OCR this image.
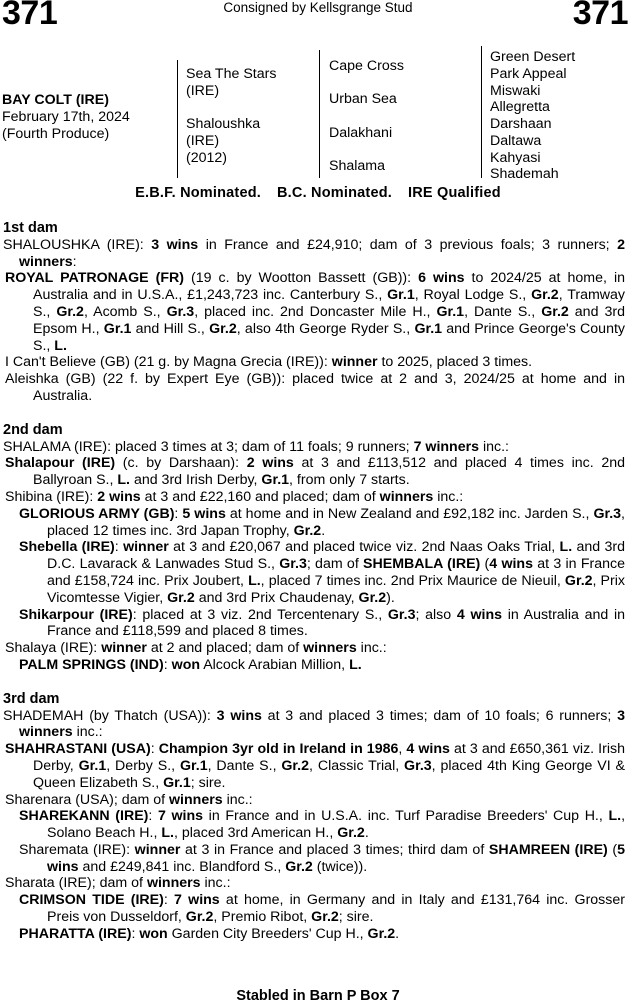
371	Consigned by Kellsgrange Stud	371
BAY COLT (IRE)
February 17th, 2024
(Fourth Produce)
Sea The Stars
(IRE)
Shaloushka
(IRE)
(2012)
Cape Cross
Urban Sea
Dalakhani
Shalama
Green Desert
Park Appeal
Miswaki
Allegretta
Darshaan
Daltawa
Kahyasi
Shademah
E.B.F. Nominated. B.C. Nominated. IRE Qualified
1st dam

SHALOUSHKA (IRE): 3 wins in France and £24,910; dam of 3 previous foals; 3 runners; 2 winners:

ROYAL PATRONAGE (FR) (19 c. by Wootton Bassett (GB)): 6 wins to 2024/25 at home, in Australia and in U.S.A., £1,243,723 inc. Canterbury S., Gr.1, Royal Lodge S., Gr.2, Tramway S., Gr.2, Acomb S., Gr.3, placed inc. 2nd Doncaster Mile H., Gr.1, Dante S., Gr.2 and 3rd Epsom H., Gr.1 and Hill S., Gr.2, also 4th George Ryder S., Gr.1 and Prince George's County S., L.

I Can't Believe (GB) (21 g. by Magna Grecia (IRE)): winner to 2025, placed 3 times.

Aleishka (GB) (22 f. by Expert Eye (GB)): placed twice at 2 and 3, 2024/25 at home and in Australia.

2nd dam

SHALAMA (IRE): placed 3 times at 3; dam of 11 foals; 9 runners; 7 winners inc.:

Shalapour (IRE) (c. by Darshaan): 2 wins at 3 and £113,512 and placed 4 times inc. 2nd Ballyroan S., L. and 3rd Irish Derby, Gr.1, from only 7 starts.

Shibina (IRE): 2 wins at 3 and £22,160 and placed; dam of winners inc.:

GLORIOUS ARMY (GB): 5 wins at home and in New Zealand and £92,182 inc. Jarden S., Gr.3, placed 12 times inc. 3rd Japan Trophy, Gr.2.

Shebella (IRE): winner at 3 and £20,067 and placed twice viz. 2nd Naas Oaks Trial, L. and 3rd D.C. Lavarack & Lanwades Stud S., Gr.3; dam of SHEMBALA (IRE) (4 wins at 3 in France and £158,724 inc. Prix Joubert, L., placed 7 times inc. 2nd Prix Maurice de Nieuil, Gr.2, Prix Vicomtesse Vigier, Gr.2 and 3rd Prix Chaudenay, Gr.2).

Shikarpour (IRE): placed at 3 viz. 2nd Tercentenary S., Gr.3; also 4 wins in Australia and in France and £118,599 and placed 8 times.

Shalaya (IRE): winner at 2 and placed; dam of winners inc.:

PALM SPRINGS (IND): won Alcock Arabian Million, L.

3rd dam

SHADEMAH (by Thatch (USA)): 3 wins at 3 and placed 3 times; dam of 10 foals; 6 runners; 3 winners inc.:

SHAHRASTANI (USA): Champion 3yr old in Ireland in 1986, 4 wins at 3 and £650,361 viz. Irish Derby, Gr.1, Derby S., Gr.1, Dante S., Gr.2, Classic Trial, Gr.3, placed 4th King George VI & Queen Elizabeth S., Gr.1; sire.

Sharenara (USA); dam of winners inc.:

SHAREKANN (IRE): 7 wins in France and in U.S.A. inc. Turf Paradise Breeders' Cup H., L., Solano Beach H., L., placed 3rd American H., Gr.2.

Sharemata (IRE): winner at 3 in France and placed 3 times; third dam of SHAMREEN (IRE) (5 wins and £249,841 inc. Blandford S., Gr.2 (twice)).

Sharata (IRE); dam of winners inc.:

CRIMSON TIDE (IRE): 7 wins at home, in Germany and in Italy and £131,764 inc. Grosser Preis von Dusseldorf, Gr.2, Premio Ribot, Gr.2; sire.

PHARATTA (IRE): won Garden City Breeders' Cup H., Gr.2.

Stabled in Barn P Box 7
